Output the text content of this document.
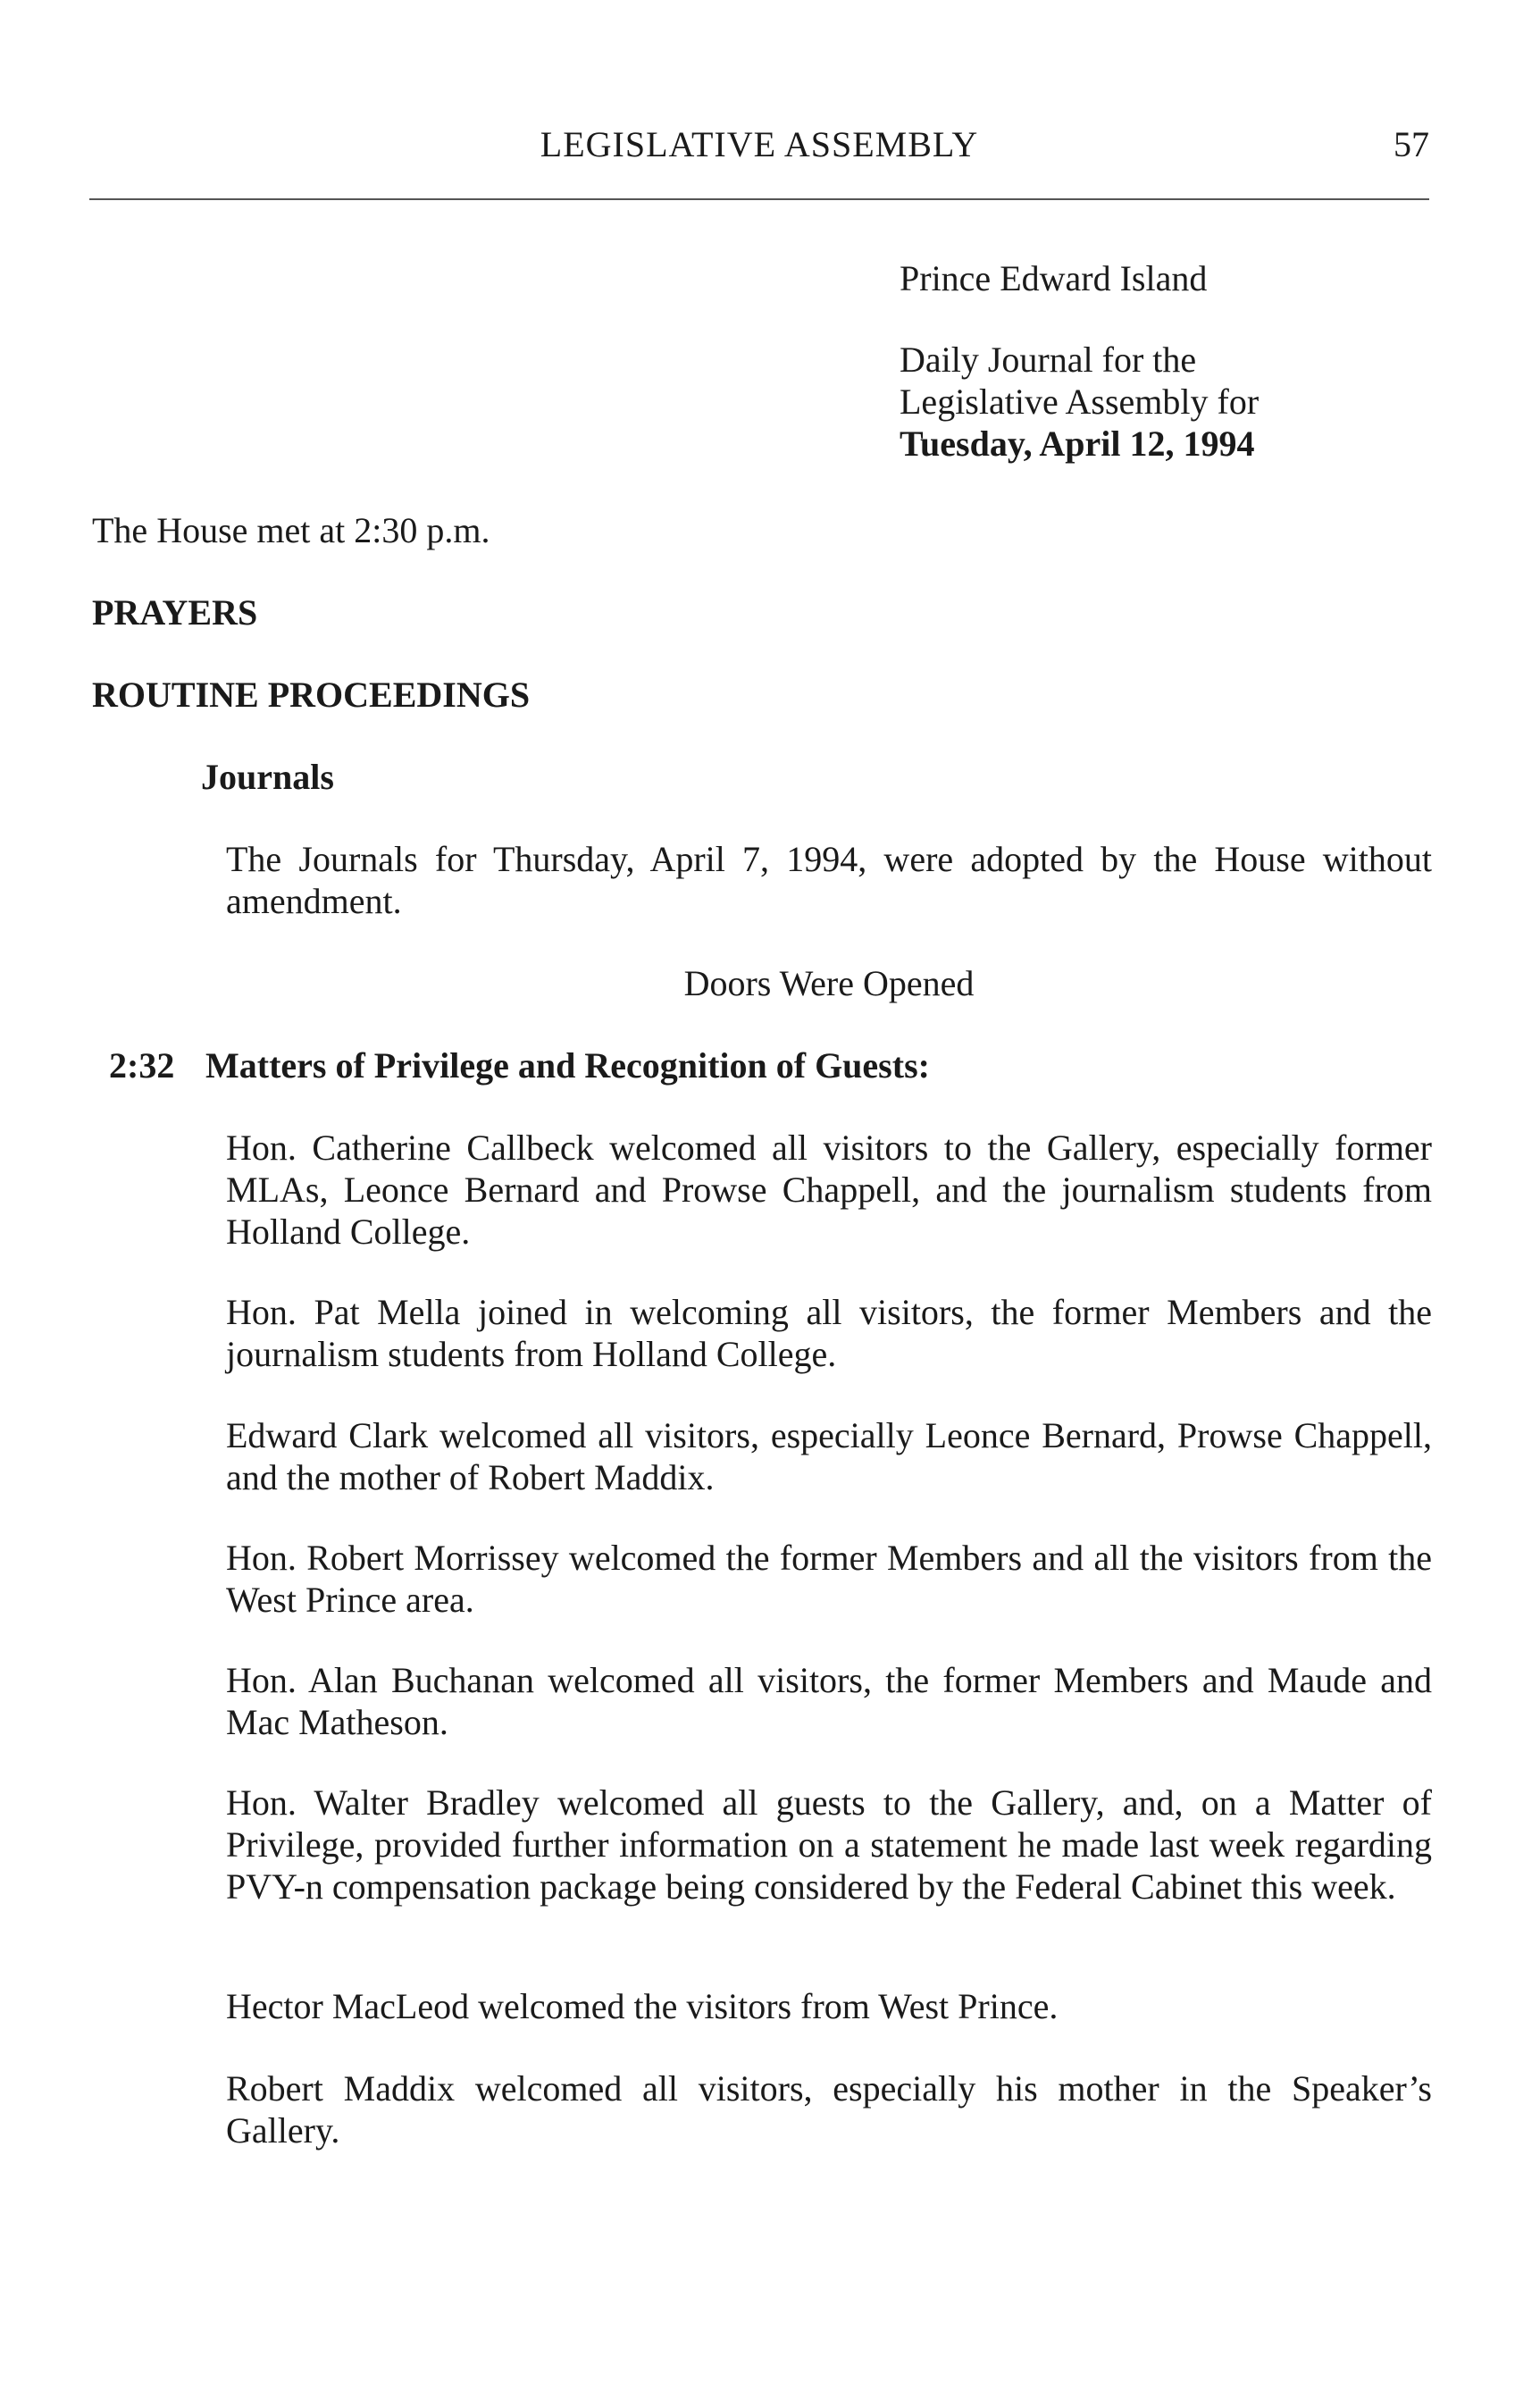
LEGISLATIVE ASSEMBLY	57
Prince Edward Island
Daily Journal for the
Legislative Assembly for
Tuesday, April 12, 1994
The House met at 2:30 p.m.
PRAYERS
ROUTINE PROCEEDINGS
Journals
The Journals for Thursday, April 7, 1994, were adopted by the House without amendment.
Doors Were Opened
2:32 Matters of Privilege and Recognition of Guests:
Hon. Catherine Callbeck welcomed all visitors to the Gallery, especially former MLAs, Leonce Bernard and Prowse Chappell, and the journalism students from Holland College.
Hon. Pat Mella joined in welcoming all visitors, the former Members and the journalism students from Holland College.
Edward Clark welcomed all visitors, especially Leonce Bernard, Prowse Chappell, and the mother of Robert Maddix.
Hon. Robert Morrissey welcomed the former Members and all the visitors from the West Prince area.
Hon. Alan Buchanan welcomed all visitors, the former Members and Maude and Mac Matheson.
Hon. Walter Bradley welcomed all guests to the Gallery, and, on a Matter of Privilege, provided further information on a statement he made last week regarding PVY-n compensation package being considered by the Federal Cabinet this week.
Hector MacLeod welcomed the visitors from West Prince.
Robert Maddix welcomed all visitors, especially his mother in the Speaker’s Gallery.
